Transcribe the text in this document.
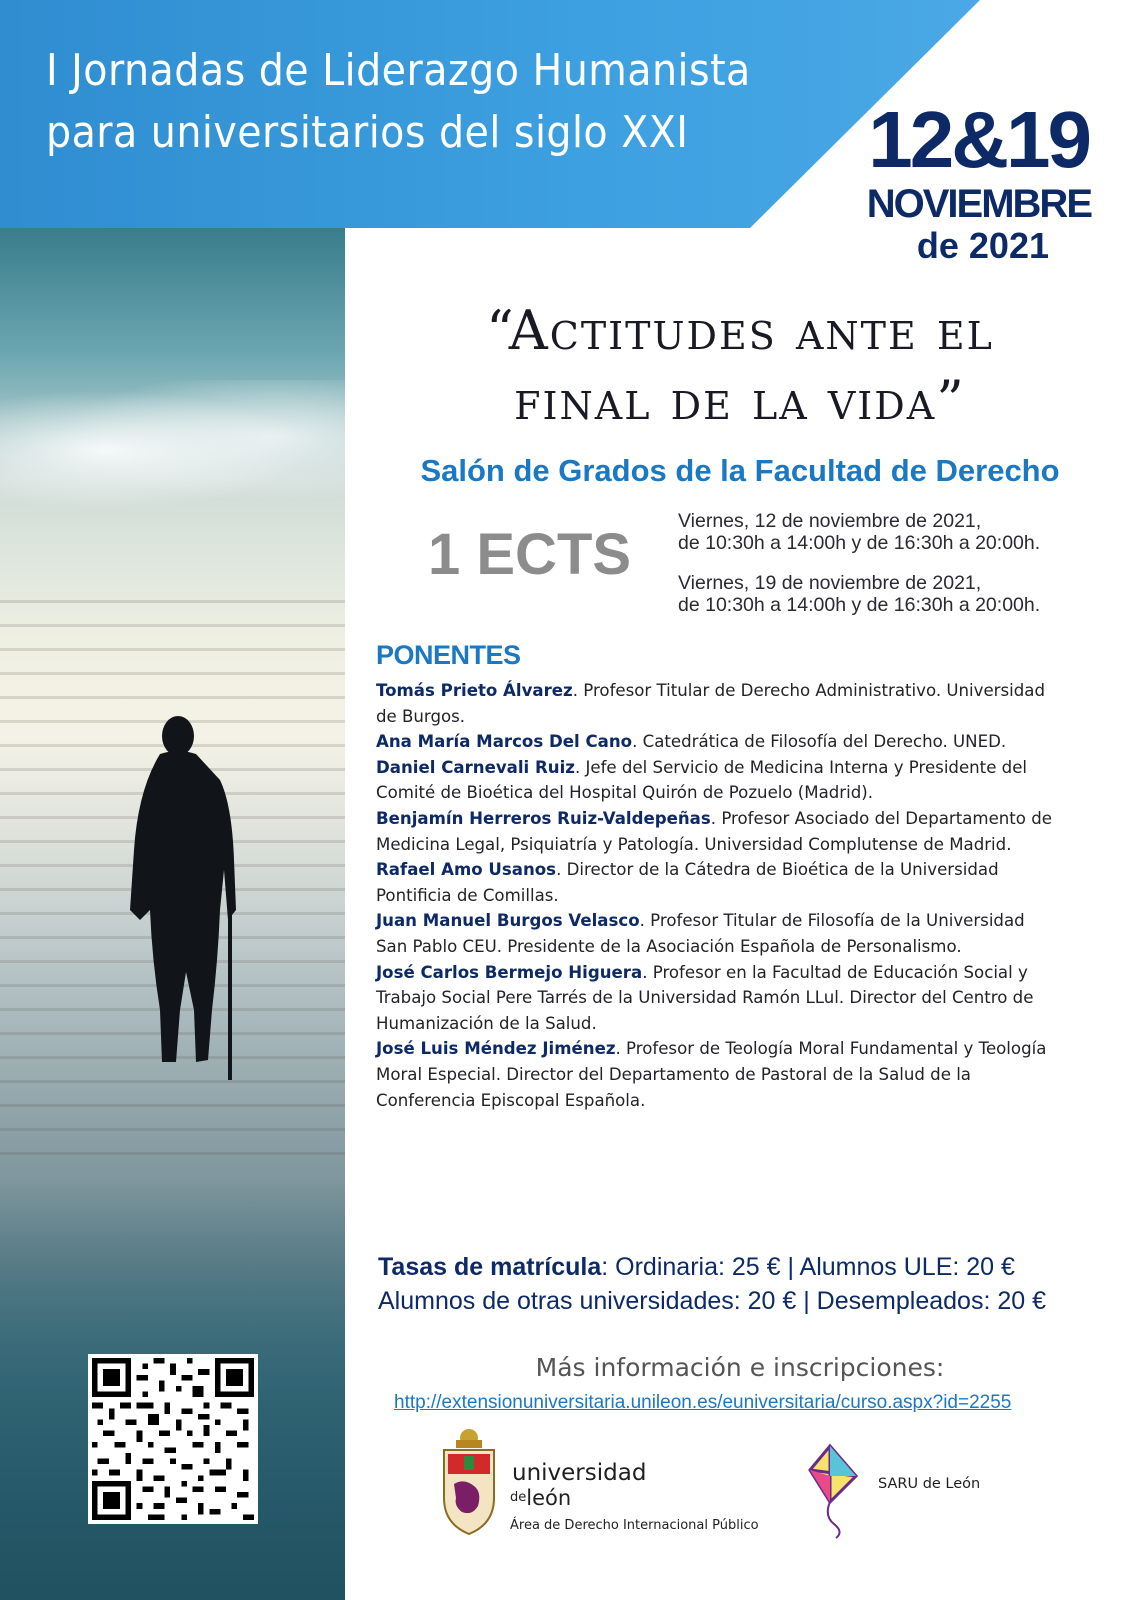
I Jornadas de Liderazgo Humanista
para universitarios del siglo XXI	12&19
NOVIEMBRE
de 2021
“Actitudes ante el
final de la vida”
Salón de Grados de la Facultad de Derecho
1 ECTS
Viernes, 12 de noviembre de 2021,
de 10:30h a 14:00h y de 16:30h a 20:00h.
Viernes, 19 de noviembre de 2021,
de 10:30h a 14:00h y de 16:30h a 20:00h.
PONENTES

Tomás Prieto Álvarez. Profesor Titular de Derecho Administrativo. Universidad de Burgos.

Ana María Marcos Del Cano. Catedrática de Filosofía del Derecho. UNED.

Daniel Carnevali Ruiz. Jefe del Servicio de Medicina Interna y Presidente del Comité de Bioética del Hospital Quirón de Pozuelo (Madrid).

Benjamín Herreros Ruiz-Valdepeñas. Profesor Asociado del Departamento de Medicina Legal, Psiquiatría y Patología. Universidad Complutense de Madrid.

Rafael Amo Usanos. Director de la Cátedra de Bioética de la Universidad Pontificia de Comillas.

Juan Manuel Burgos Velasco. Profesor Titular de Filosofía de la Universidad San Pablo CEU. Presidente de la Asociación Española de Personalismo.

José Carlos Bermejo Higuera. Profesor en la Facultad de Educación Social y Trabajo Social Pere Tarrés de la Universidad Ramón LLul. Director del Centro de Humanización de la Salud.

José Luis Méndez Jiménez. Profesor de Teología Moral Fundamental y Teología Moral Especial. Director del Departamento de Pastoral de la Salud de la Conferencia Episcopal Española.

Tasas de matrícula: Ordinaria: 25 € | Alumnos ULE: 20 €
Alumnos de otras universidades: 20 € | Desempleados: 20 €
Más información e inscripciones:
http://extensionuniversitaria.unileon.es/euniversitaria/curso.aspx?id=2255
universidad
$^{de}$león
Área de Derecho Internacional Público
SARU de León
